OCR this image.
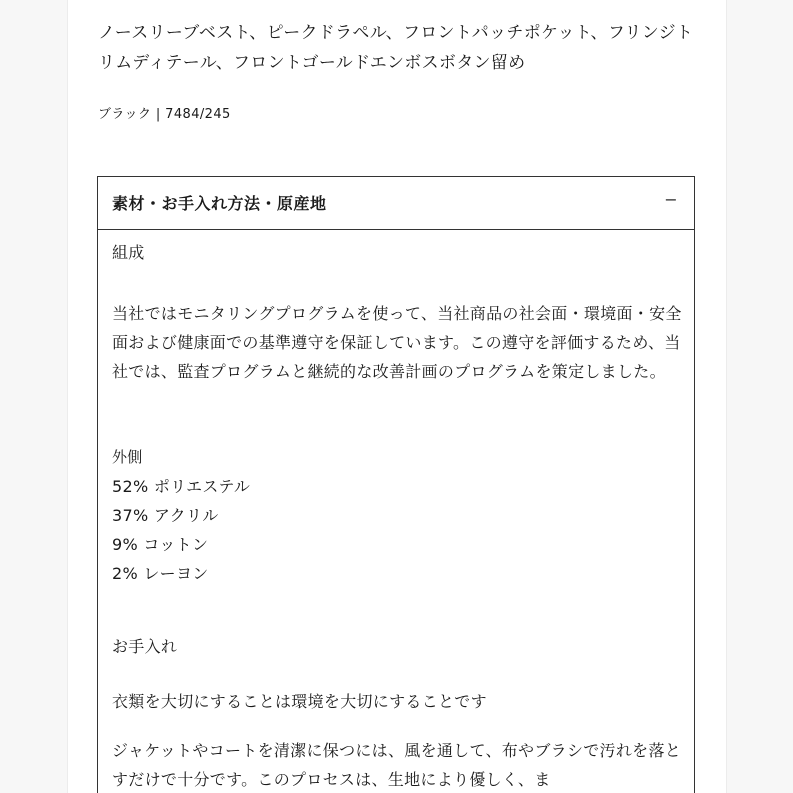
ノースリーブベスト、ピークドラペル、フロントパッチポケット、フリンジトリムディテール、フロントゴールドエンボスボタン留め
ブラック | 7484/245
素材・お手入れ方法・原産地	−

組成

当社ではモニタリングプログラムを使って、当社商品の社会面・環境面・安全面および健康面での基準遵守を保証しています。この遵守を評価するため、当社では、監査プログラムと継続的な改善計画のプログラムを策定しました。

外側

52% ポリエステル

37% アクリル

9% コットン

2% レーヨン

お手入れ

衣類を大切にすることは環境を大切にすることです

ジャケットやコートを清潔に保つには、風を通して、布やブラシで汚れを落とすだけで十分です。このプロセスは、生地により優しく、ま
